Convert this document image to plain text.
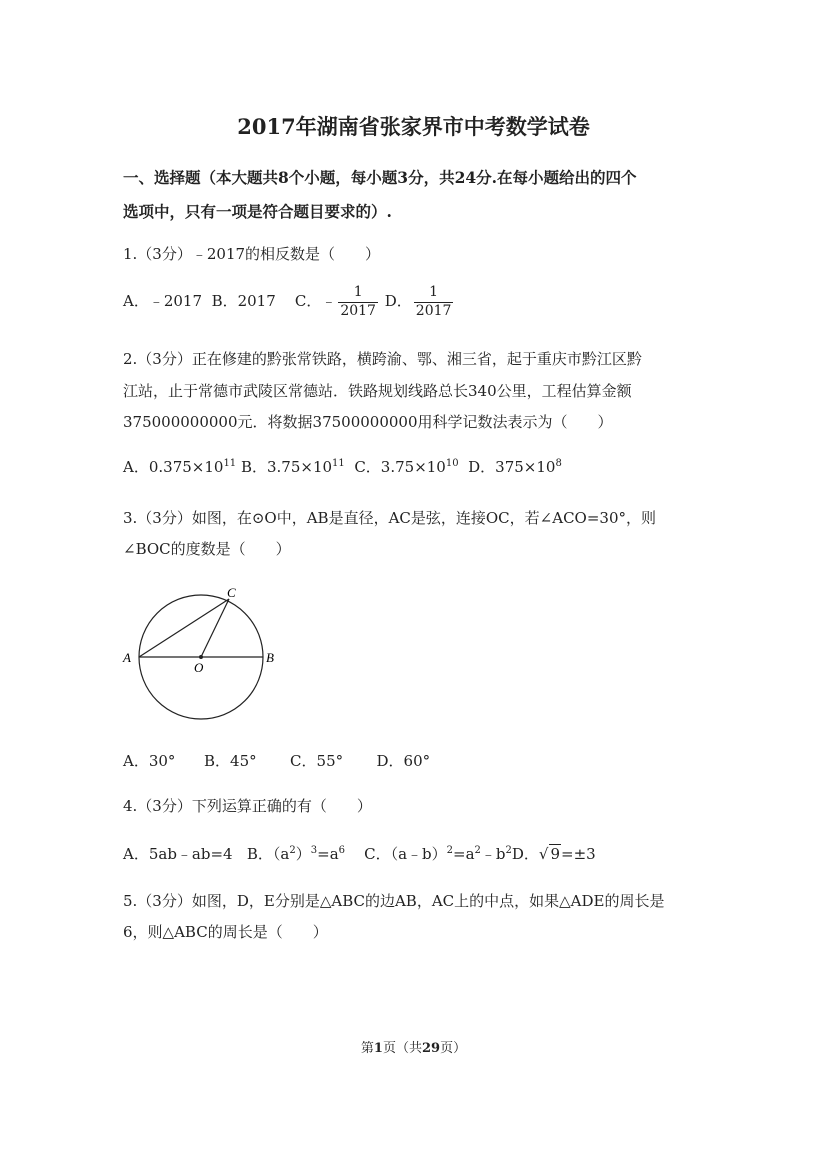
2017年湖南省张家界市中考数学试卷
一、选择题（本大题共8个小题，每小题3分，共24分.在每小题给出的四个
选项中，只有一项是符合题目要求的）.
1.（3分）﹣2017的相反数是（　　）
A．﹣2017 B．2017 C．﹣ $\frac{1}{2017}$ D． $\frac{1}{2017}$
2.（3分）正在修建的黔张常铁路，横跨渝、鄂、湘三省，起于重庆市黔江区黔
江站，止于常德市武陵区常德站．铁路规划线路总长340公里，工程估算金额
375000000000元．将数据37500000000用科学记数法表示为（　　）
A．$0.375\times 10^{11}$ B．$3.75\times 10^{11}$ C．$3.75\times 10^{10}$ D．$375\times 10^8$
3.（3分）如图，在⊙O中，AB是直径，AC是弦，连接OC，若∠ACO=30°，则
∠BOC的度数是（　　）
A	B
C
O
A．30° B．45° C．55° D．60°
4.（3分）下列运算正确的有（　　）
A．5ab﹣ab=4 B．$(a^2)^3=a^6$ C．$(a﹣b)^2=a^2﹣b^2D$．√ 9=±3
5.（3分）如图，D，E分别是△ABC的边AB，AC上的中点，如果△ADE的周长是
6，则△ABC的周长是（　　）
第1页（共29页）
